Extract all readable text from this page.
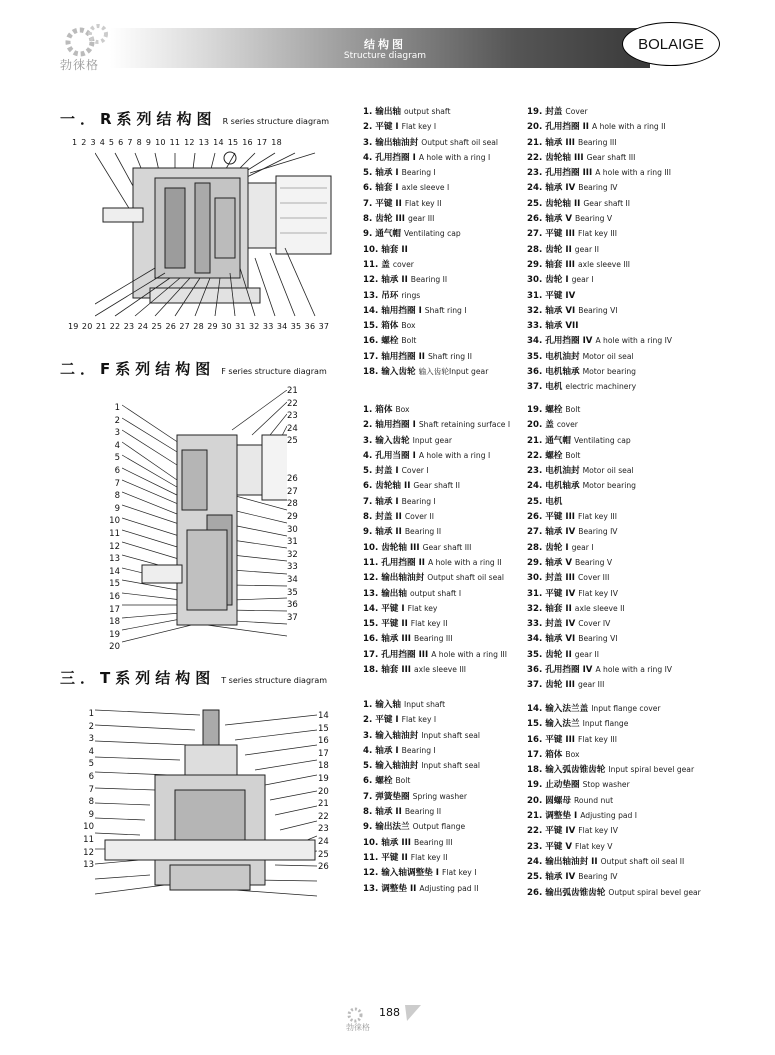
勃徕格
结构图
Structure diagram
BOLAIGE
一．R系列结构图 R series structure diagram
1 2 3 4 5 6 7 8 9 10 11 12 13 14 15 16 17 18
19 20 21 22 23 24 25 26 27 28 29 30 31 32 33 34 35 36 37
1. 输出轴 output shaft
2. 平键 I Flat key I
3. 输出轴油封 Output shaft oil seal
4. 孔用挡圈 I A hole with a ring I
5. 轴承 I Bearing I
6. 轴套 I axle sleeve I
7. 平键 II Flat key II
8. 齿轮 III gear III
9. 通气帽 Ventilating cap
10. 轴套 II
11. 盖 cover
12. 轴承 II Bearing II
13. 吊环 rings
14. 轴用挡圈 I Shaft ring I
15. 箱体 Box
16. 螺栓 Bolt
17. 轴用挡圈 II Shaft ring II
18. 输入齿轮 输入齿轮Input gear
19. 封盖 Cover
20. 孔用挡圈 II A hole with a ring II
21. 轴承 III Bearing III
22. 齿轮轴 III Gear shaft III
23. 孔用挡圈 III A hole with a ring III
24. 轴承 IV Bearing IV
25. 齿轮轴 II Gear shaft II
26. 轴承 V Bearing V
27. 平键 III Flat key III
28. 齿轮 II gear II
29. 轴套 III axle sleeve III
30. 齿轮 I gear I
31. 平键 IV
32. 轴承 VI Bearing VI
33. 轴承 VII
34. 孔用挡圈 IV A hole with a ring IV
35. 电机油封 Motor oil seal
36. 电机轴承 Motor bearing
37. 电机 electric machinery
二．F系列结构图 F series structure diagram
1
2
3
4
5
6
7
8
9
10
11
12
13
14
15
16
17
18
19
20
21
22
23
24
25
26
27
28
29
30
31
32
33
34
35
36
37
1. 箱体 Box
2. 轴用挡圈 I Shaft retaining surface I
3. 输入齿轮 Input gear
4. 孔用当圈 I A hole with a ring I
5. 封盖 I Cover I
6. 齿轮轴 II Gear shaft II
7. 轴承 I Bearing I
8. 封盖 II Cover II
9. 轴承 II Bearing II
10. 齿轮轴 III Gear shaft III
11. 孔用挡圈 II A hole with a ring II
12. 输出轴油封 Output shaft oil seal
13. 输出轴 output shaft I
14. 平键 I Flat key
15. 平键 II Flat key II
16. 轴承 III Bearing III
17. 孔用挡圈 III A hole with a ring III
18. 轴套 III axle sleeve III
19. 螺栓 Bolt
20. 盖 cover
21. 通气帽 Ventilating cap
22. 螺栓 Bolt
23. 电机油封 Motor oil seal
24. 电机轴承 Motor bearing
25. 电机
26. 平键 III Flat key III
27. 轴承 IV Bearing IV
28. 齿轮 I gear I
29. 轴承 V Bearing V
30. 封盖 III Cover III
31. 平键 IV Flat key IV
32. 轴套 II axle sleeve II
33. 封盖 IV Cover IV
34. 轴承 VI Bearing VI
35. 齿轮 II gear II
36. 孔用挡圈 IV A hole with a ring IV
37. 齿轮 III gear III
三．T系列结构图 T series structure diagram
1
2
3
4
5
6
7
8
9
10
11
12
13
14
15
16
17
18
19
20
21
22
23
24
25
26
1. 输入轴 Input shaft
2. 平键 I Flat key I
3. 输入轴油封 Input shaft seal
4. 轴承 I Bearing I
5. 输入轴油封 Input shaft seal
6. 螺栓 Bolt
7. 弹簧垫圈 Spring washer
8. 轴承 II Bearing II
9. 输出法兰 Output flange
10. 轴承 III Bearing III
11. 平键 II Flat key II
12. 输入轴调整垫 I Flat key I
13. 调整垫 II Adjusting pad II
14. 输入法兰盖 Input flange cover
15. 输入法兰 Input flange
16. 平键 III Flat key III
17. 箱体 Box
18. 输入弧齿锥齿轮 Input spiral bevel gear
19. 止动垫圈 Stop washer
20. 圆螺母 Round nut
21. 调整垫 I Adjusting pad I
22. 平键 IV Flat key IV
23. 平键 V Flat key V
24. 输出轴油封 II Output shaft oil seal II
25. 轴承 IV Bearing IV
26. 输出弧齿锥齿轮 Output spiral bevel gear
188
勃徕格
